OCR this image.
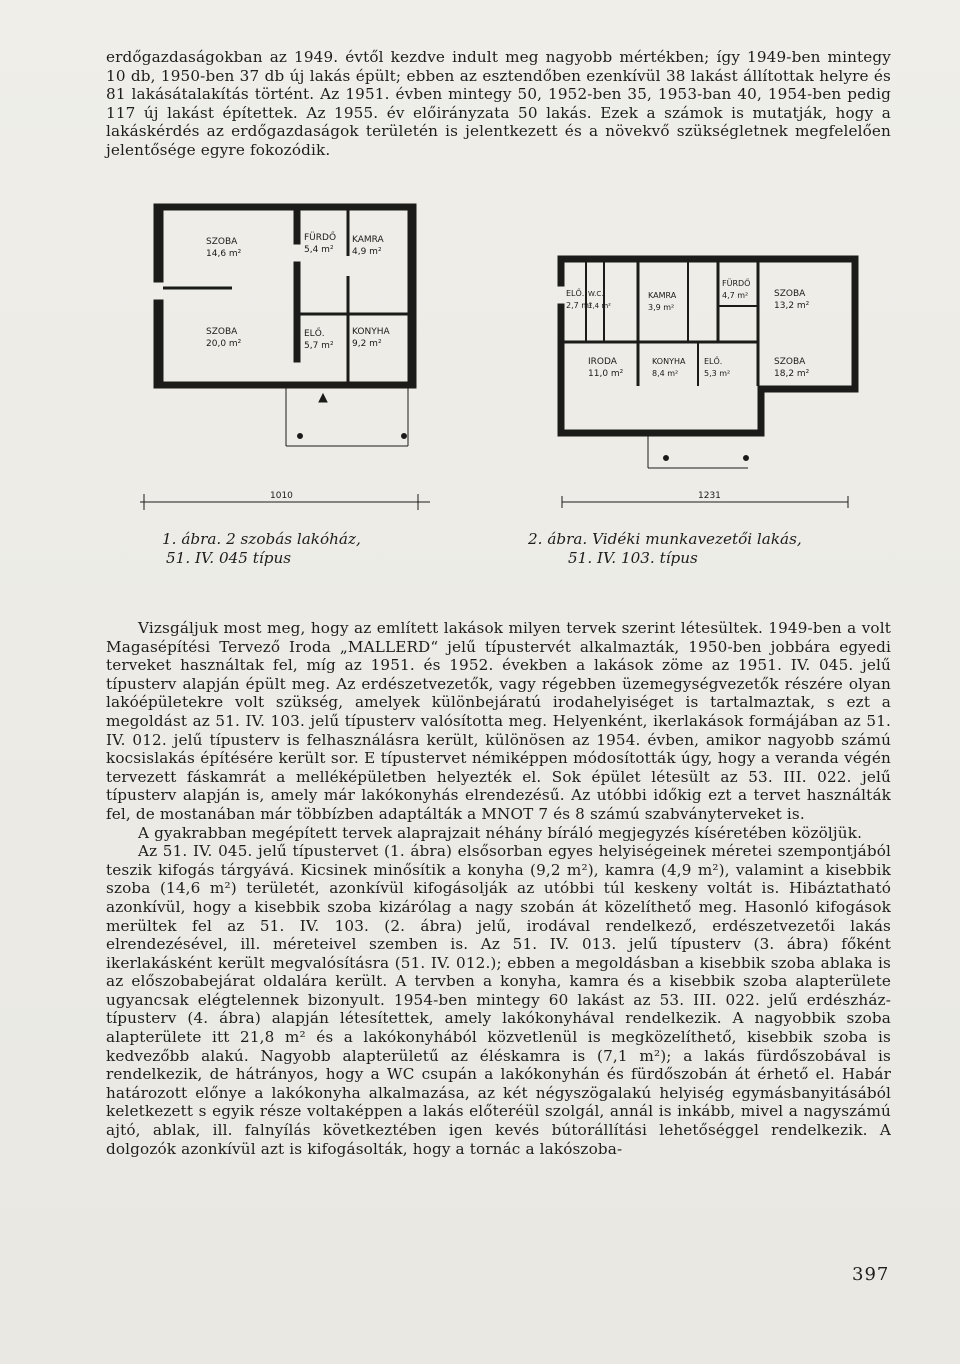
erdőgazdaságokban az 1949. évtől kezdve indult meg nagyobb mértékben; így 1949-ben mintegy 10 db, 1950-ben 37 db új lakás épült; ebben az esztendőben ezenkívül 38 lakást állítottak helyre és 81 lakásátalakítás történt. Az 1951. évben mintegy 50, 1952-ben 35, 1953-ban 40, 1954-ben pedig 117 új lakást építettek. Az 1955. év előirányzata 50 lakás. Ezek a számok is mutatják, hogy a lakáskérdés az erdőgazdaságok területén is jelentkezett és a növekvő szükségletnek megfelelően jelentősége egyre fokozódik.

SZOBA
14,6 m²
FÜRDŐ
5,4 m²
KAMRA
4,9 m²
SZOBA
20,0 m²
ELŐ.
5,7 m²
KONYHA
9,2 m²
1010
1. ábra. 2 szobás lakóház,
51. IV. 045 típus
ELŐ.
2,7 m²
W.C.
1,4 m²
KAMRA
3,9 m²
FÜRDŐ
4,7 m²	SZOBA
13,2 m²
IRODA
11,0 m²
KONYHA
8,4 m²
ELŐ.
5,3 m²
SZOBA
18,2 m²
1231
2. ábra. Vidéki munkavezetői lakás,
51. IV. 103. típus
Vizsgáljuk most meg, hogy az említett lakások milyen tervek szerint létesültek. 1949-ben a volt Magasépítési Tervező Iroda „MALLERD“ jelű típustervét alkalmazták, 1950-ben jobbára egyedi terveket használtak fel, míg az 1951. és 1952. években a lakások zöme az 1951. IV. 045. jelű típusterv alapján épült meg. Az erdészetvezetők, vagy régebben üzemegységvezetők részére olyan lakóépületekre volt szükség, amelyek különbejáratú irodahelyiséget is tartalmaztak, s ezt a megoldást az 51. IV. 103. jelű típusterv valósította meg. Helyenként, ikerlakások formájában az 51. IV. 012. jelű típusterv is felhasználásra került, különösen az 1954. évben, amikor nagyobb számú kocsislakás építésére került sor. E típustervet némiképpen módosították úgy, hogy a veranda végén tervezett fáskamrát a melléképületben helyezték el. Sok épület létesült az 53. III. 022. jelű típusterv alapján is, amely már lakókonyhás elrendezésű. Az utóbbi időkig ezt a tervet használták fel, de mostanában már többízben adaptálták a MNOT 7 és 8 számú szabványterveket is.
A gyakrabban megépített tervek alaprajzait néhány bíráló megjegyzés kíséretében közöljük.
Az 51. IV. 045. jelű típustervet (1. ábra) elsősorban egyes helyiségeinek méretei szempontjából teszik kifogás tárgyává. Kicsinek minősítik a konyha (9,2 m²), kamra (4,9 m²), valamint a kisebbik szoba (14,6 m²) területét, azonkívül kifogásolják az utóbbi túl keskeny voltát is. Hibáztatható azonkívül, hogy a kisebbik szoba kizárólag a nagy szobán át közelíthető meg. Hasonló kifogások merültek fel az 51. IV. 103. (2. ábra) jelű, irodával rendelkező, erdészetvezetői lakás elrendezésével, ill. méreteivel szemben is. Az 51. IV. 013. jelű típusterv (3. ábra) főként ikerlakásként került megvalósításra (51. IV. 012.); ebben a megoldásban a kisebbik szoba ablaka is az előszobabejárat oldalára került. A tervben a konyha, kamra és a kisebbik szoba alapterülete ugyancsak elégtelennek bizonyult. 1954-ben mintegy 60 lakást az 53. III. 022. jelű erdészház-típusterv (4. ábra) alapján létesítettek, amely lakókonyhával rendelkezik. A nagyobbik szoba alapterülete itt 21,8 m² és a lakókonyhából közvetlenül is megközelíthető, kisebbik szoba is kedvezőbb alakú. Nagyobb alapterületű az éléskamra is (7,1 m²); a lakás fürdőszobával is rendelkezik, de hátrányos, hogy a WC csupán a lakókonyhán és fürdőszobán át érhető el. Habár határozott előnye a lakókonyha alkalmazása, az két négyszögalakú helyiség egymásbanyitásából keletkezett s egyik része voltaképpen a lakás előteréül szolgál, annál is inkább, mivel a nagyszámú ajtó, ablak, ill. falnyílás következtében igen kevés bútorállítási lehetőséggel rendelkezik. A dolgozók azonkívül azt is kifogásolták, hogy a tornác a lakószoba-
397
